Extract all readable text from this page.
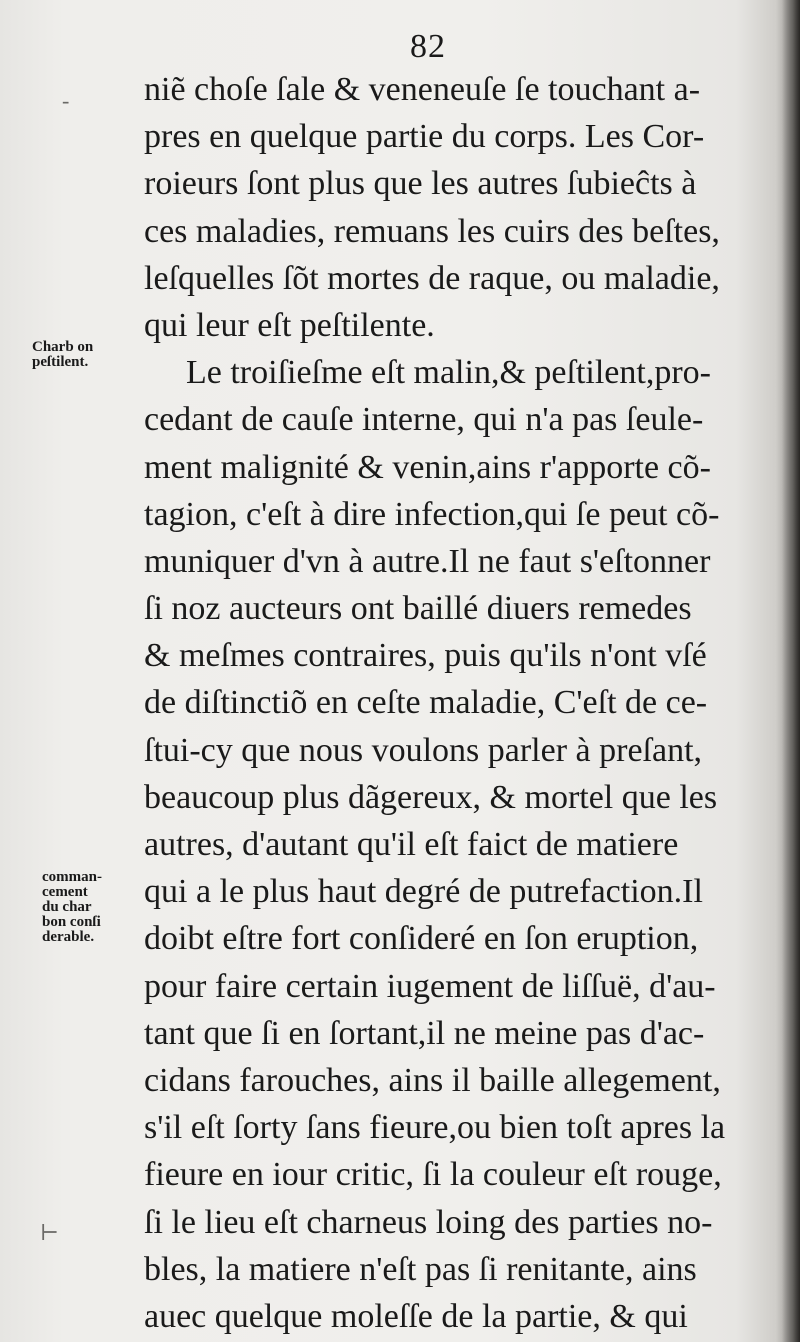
82
Charb on
peſtilent.
comman-
cement
du char
bon conſi
derable.
-
⊢
niẽ choſe ſale & veneneuſe ſe touchant a-
pres en quelque partie du corps. Les Cor-
roieurs ſont plus que les autres ſubieĉts à
ces maladies, remuans les cuirs des beſtes,
leſquelles ſõt mortes de raque, ou maladie,
qui leur eſt peſtilente.
Le troiſieſme eſt malin,& peſtilent,pro-
cedant de cauſe interne, qui n'a pas ſeule-
ment malignité & venin,ains r'apporte cõ-
tagion, c'eſt à dire infection,qui ſe peut cõ-
muniquer d'vn à autre.Il ne faut s'eſtonner
ſi noz aucteurs ont baillé diuers remedes
& meſmes contraires, puis qu'ils n'ont vſé
de diſtinctiõ en ceſte maladie, C'eſt de ce-
ſtui-cy que nous voulons parler à preſant,
beaucoup plus dãgereux, & mortel que les
autres, d'autant qu'il eſt faict de matiere
qui a le plus haut degré de putrefaction.Il
doibt eſtre fort conſideré en ſon eruption,
pour faire certain iugement de liſſuë, d'au-
tant que ſi en ſortant,il ne meine pas d'ac-
cidans farouches, ains il baille allegement,
s'il eſt ſorty ſans fieure,ou bien toſt apres la
fieure en iour critic, ſi la couleur eſt rouge,
ſi le lieu eſt charneus loing des parties no-
bles, la matiere n'eſt pas ſi renitante, ains
auec quelque moleſſe de la partie, & qui
